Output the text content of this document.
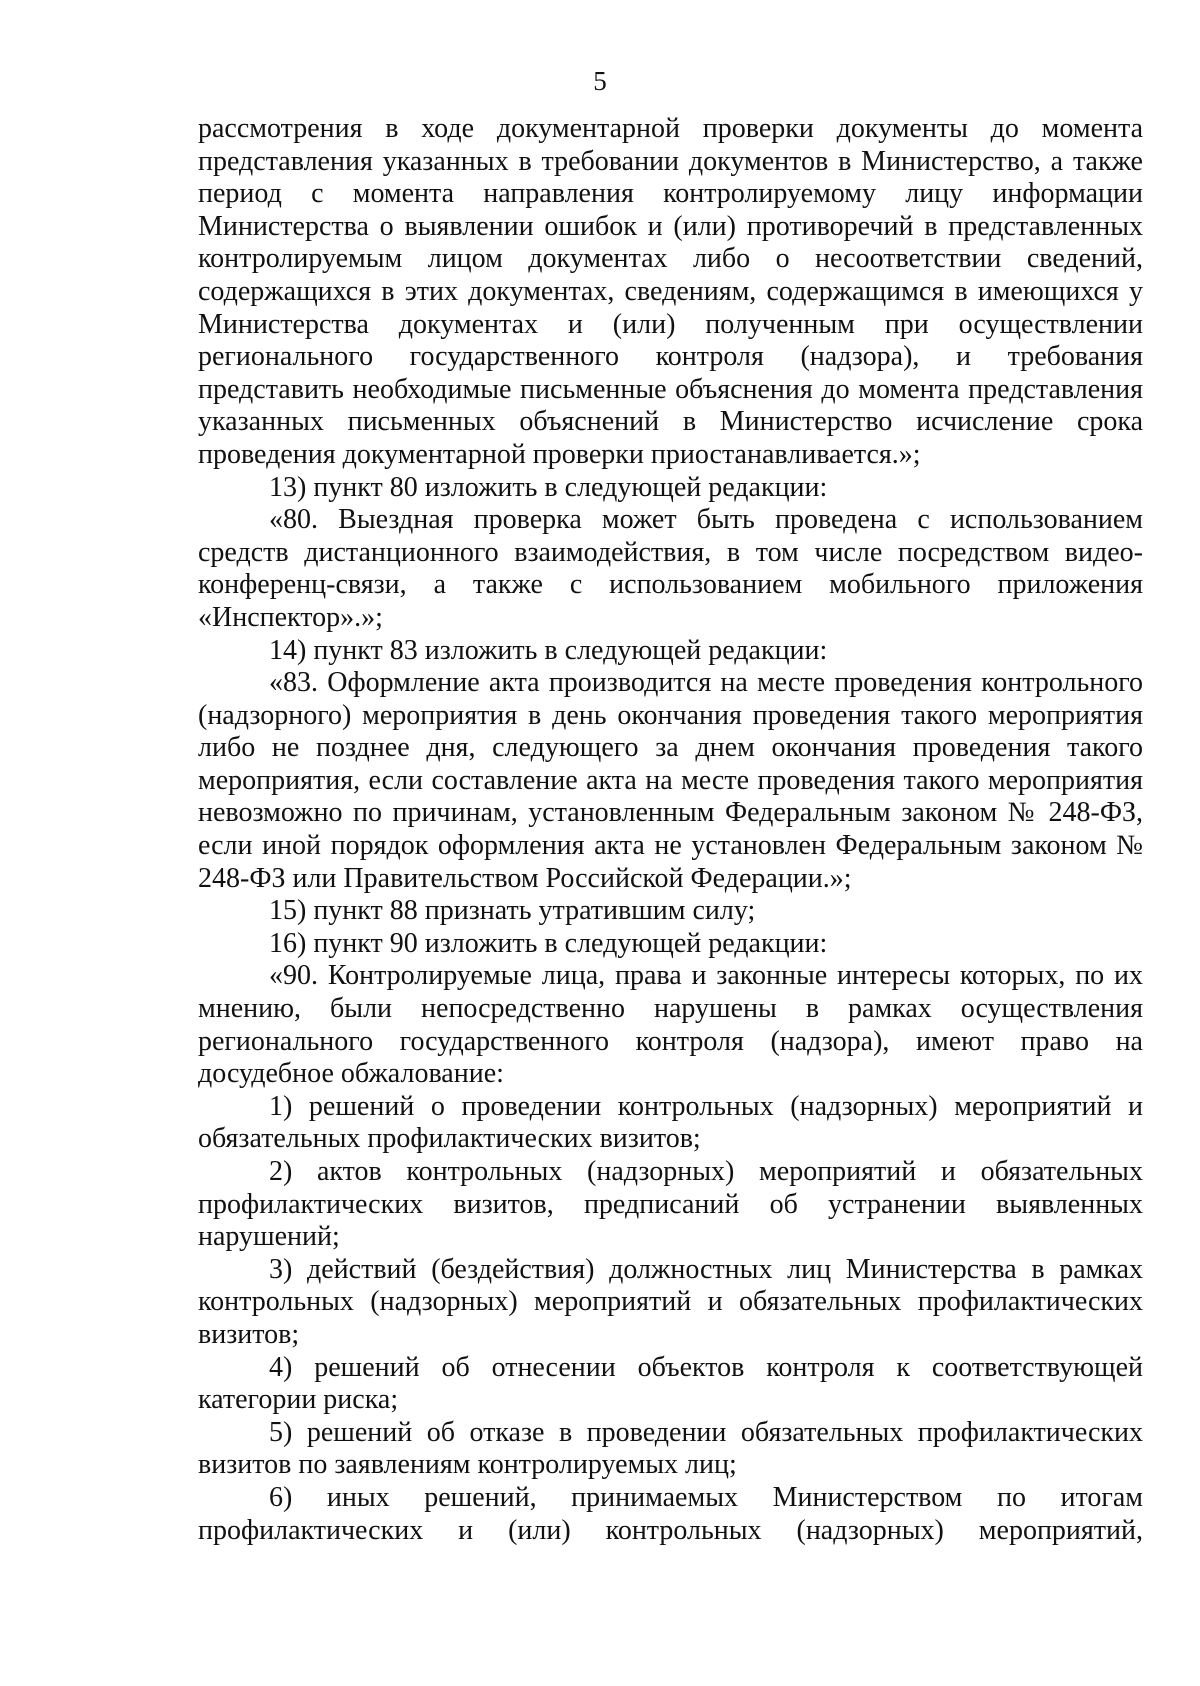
5

рассмотрения в ходе документарной проверки документы до момента представления указанных в требовании документов в Министерство, а также период с момента направления контролируемому лицу информации Министерства о выявлении ошибок и (или) противоречий в представленных контролируемым лицом документах либо о несоответствии сведений, содержащихся в этих документах, сведениям, содержащимся в имеющихся у Министерства документах и (или) полученным при осуществлении регионального государственного контроля (надзора), и требования представить необходимые письменные объяснения до момента представления указанных письменных объяснений в Министерство исчисление срока проведения документарной проверки приостанавливается.»;

13) пункт 80 изложить в следующей редакции:

«80. Выездная проверка может быть проведена с использованием средств дистанционного взаимодействия, в том числе посредством видео-конференц-связи, а также с использованием мобильного приложения «Инспектор».»;

14) пункт 83 изложить в следующей редакции:

«83. Оформление акта производится на месте проведения контрольного (надзорного) мероприятия в день окончания проведения такого мероприятия либо не позднее дня, следующего за днем окончания проведения такого мероприятия, если составление акта на месте проведения такого мероприятия невозможно по причинам, установленным Федеральным законом № 248-ФЗ, если иной порядок оформления акта не установлен Федеральным законом № 248-ФЗ или Правительством Российской Федерации.»;

15) пункт 88 признать утратившим силу;

16) пункт 90 изложить в следующей редакции:

«90. Контролируемые лица, права и законные интересы которых, по их мнению, были непосредственно нарушены в рамках осуществления регионального государственного контроля (надзора), имеют право на досудебное обжалование:

1) решений о проведении контрольных (надзорных) мероприятий и обязательных профилактических визитов;

2) актов контрольных (надзорных) мероприятий и обязательных профилактических визитов, предписаний об устранении выявленных нарушений;

3) действий (бездействия) должностных лиц Министерства в рамках контрольных (надзорных) мероприятий и обязательных профилактических визитов;

4) решений об отнесении объектов контроля к соответствующей категории риска;

5) решений об отказе в проведении обязательных профилактических визитов по заявлениям контролируемых лиц;

6) иных решений, принимаемых Министерством по итогам профилактических и (или) контрольных (надзорных) мероприятий,
